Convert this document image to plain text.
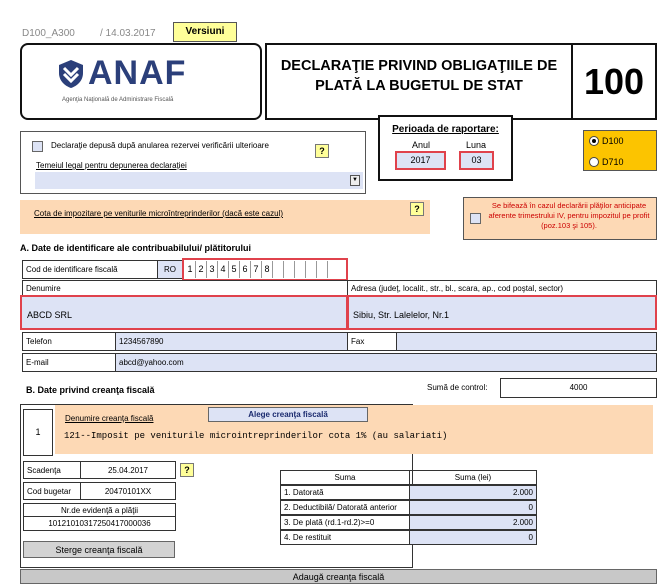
D100_A300	/ 14.03.2017	Versiuni
ANAF
Agenţia Naţională de Administrare Fiscală
DECLARAŢIE PRIVIND OBLIGAŢIILE DE
PLATĂ LA BUGETUL DE STAT	100
Declaraţie depusă după anularea rezervei verificării ulterioare
?
Temeiul legal pentru depunerea declaraţiei
▼
Perioada de raportare:
Anul	Luna
2017	03
D100
D710
Cota de impozitare pe veniturile microîntreprinderilor (dacă este cazul)	?	Se bifează în cazul declarării plăţilor anticipate aferente trimestrului IV, pentru impozitul pe profit (poz.103 şi 105).
A. Date de identificare ale contribuabilului/ plătitorului
Cod de identificare fiscală	RO	1 2 3 4 5 6 7 8
Denumire	Adresa (judeţ, localit., str., bl., scara, ap., cod poştal, sector)
ABCD SRL	Sibiu, Str. Lalelelor, Nr.1
Telefon	1234567890	Fax
E-mail	abcd@yahoo.com
B. Date privind creanţa fiscală	Sumă de control:	4000
1
Denumire creanţa fiscală	Alege creanţa fiscală
121--Imposit pe veniturile microintreprinderilor cota 1% (au salariati)
Scadenţa	25.04.2017	?
Cod bugetar	20470101XX
Nr.de evidenţă a plăţii
10121010317250417000036
Sterge creanţa fiscală
Suma	Suma (lei)
1. Datorată	2.000
2. Deductibilă/ Datorată anterior	0
3. De plată (rd.1-rd.2)>=0	2.000
4. De restituit	0
Adaugă creanţa fiscală
